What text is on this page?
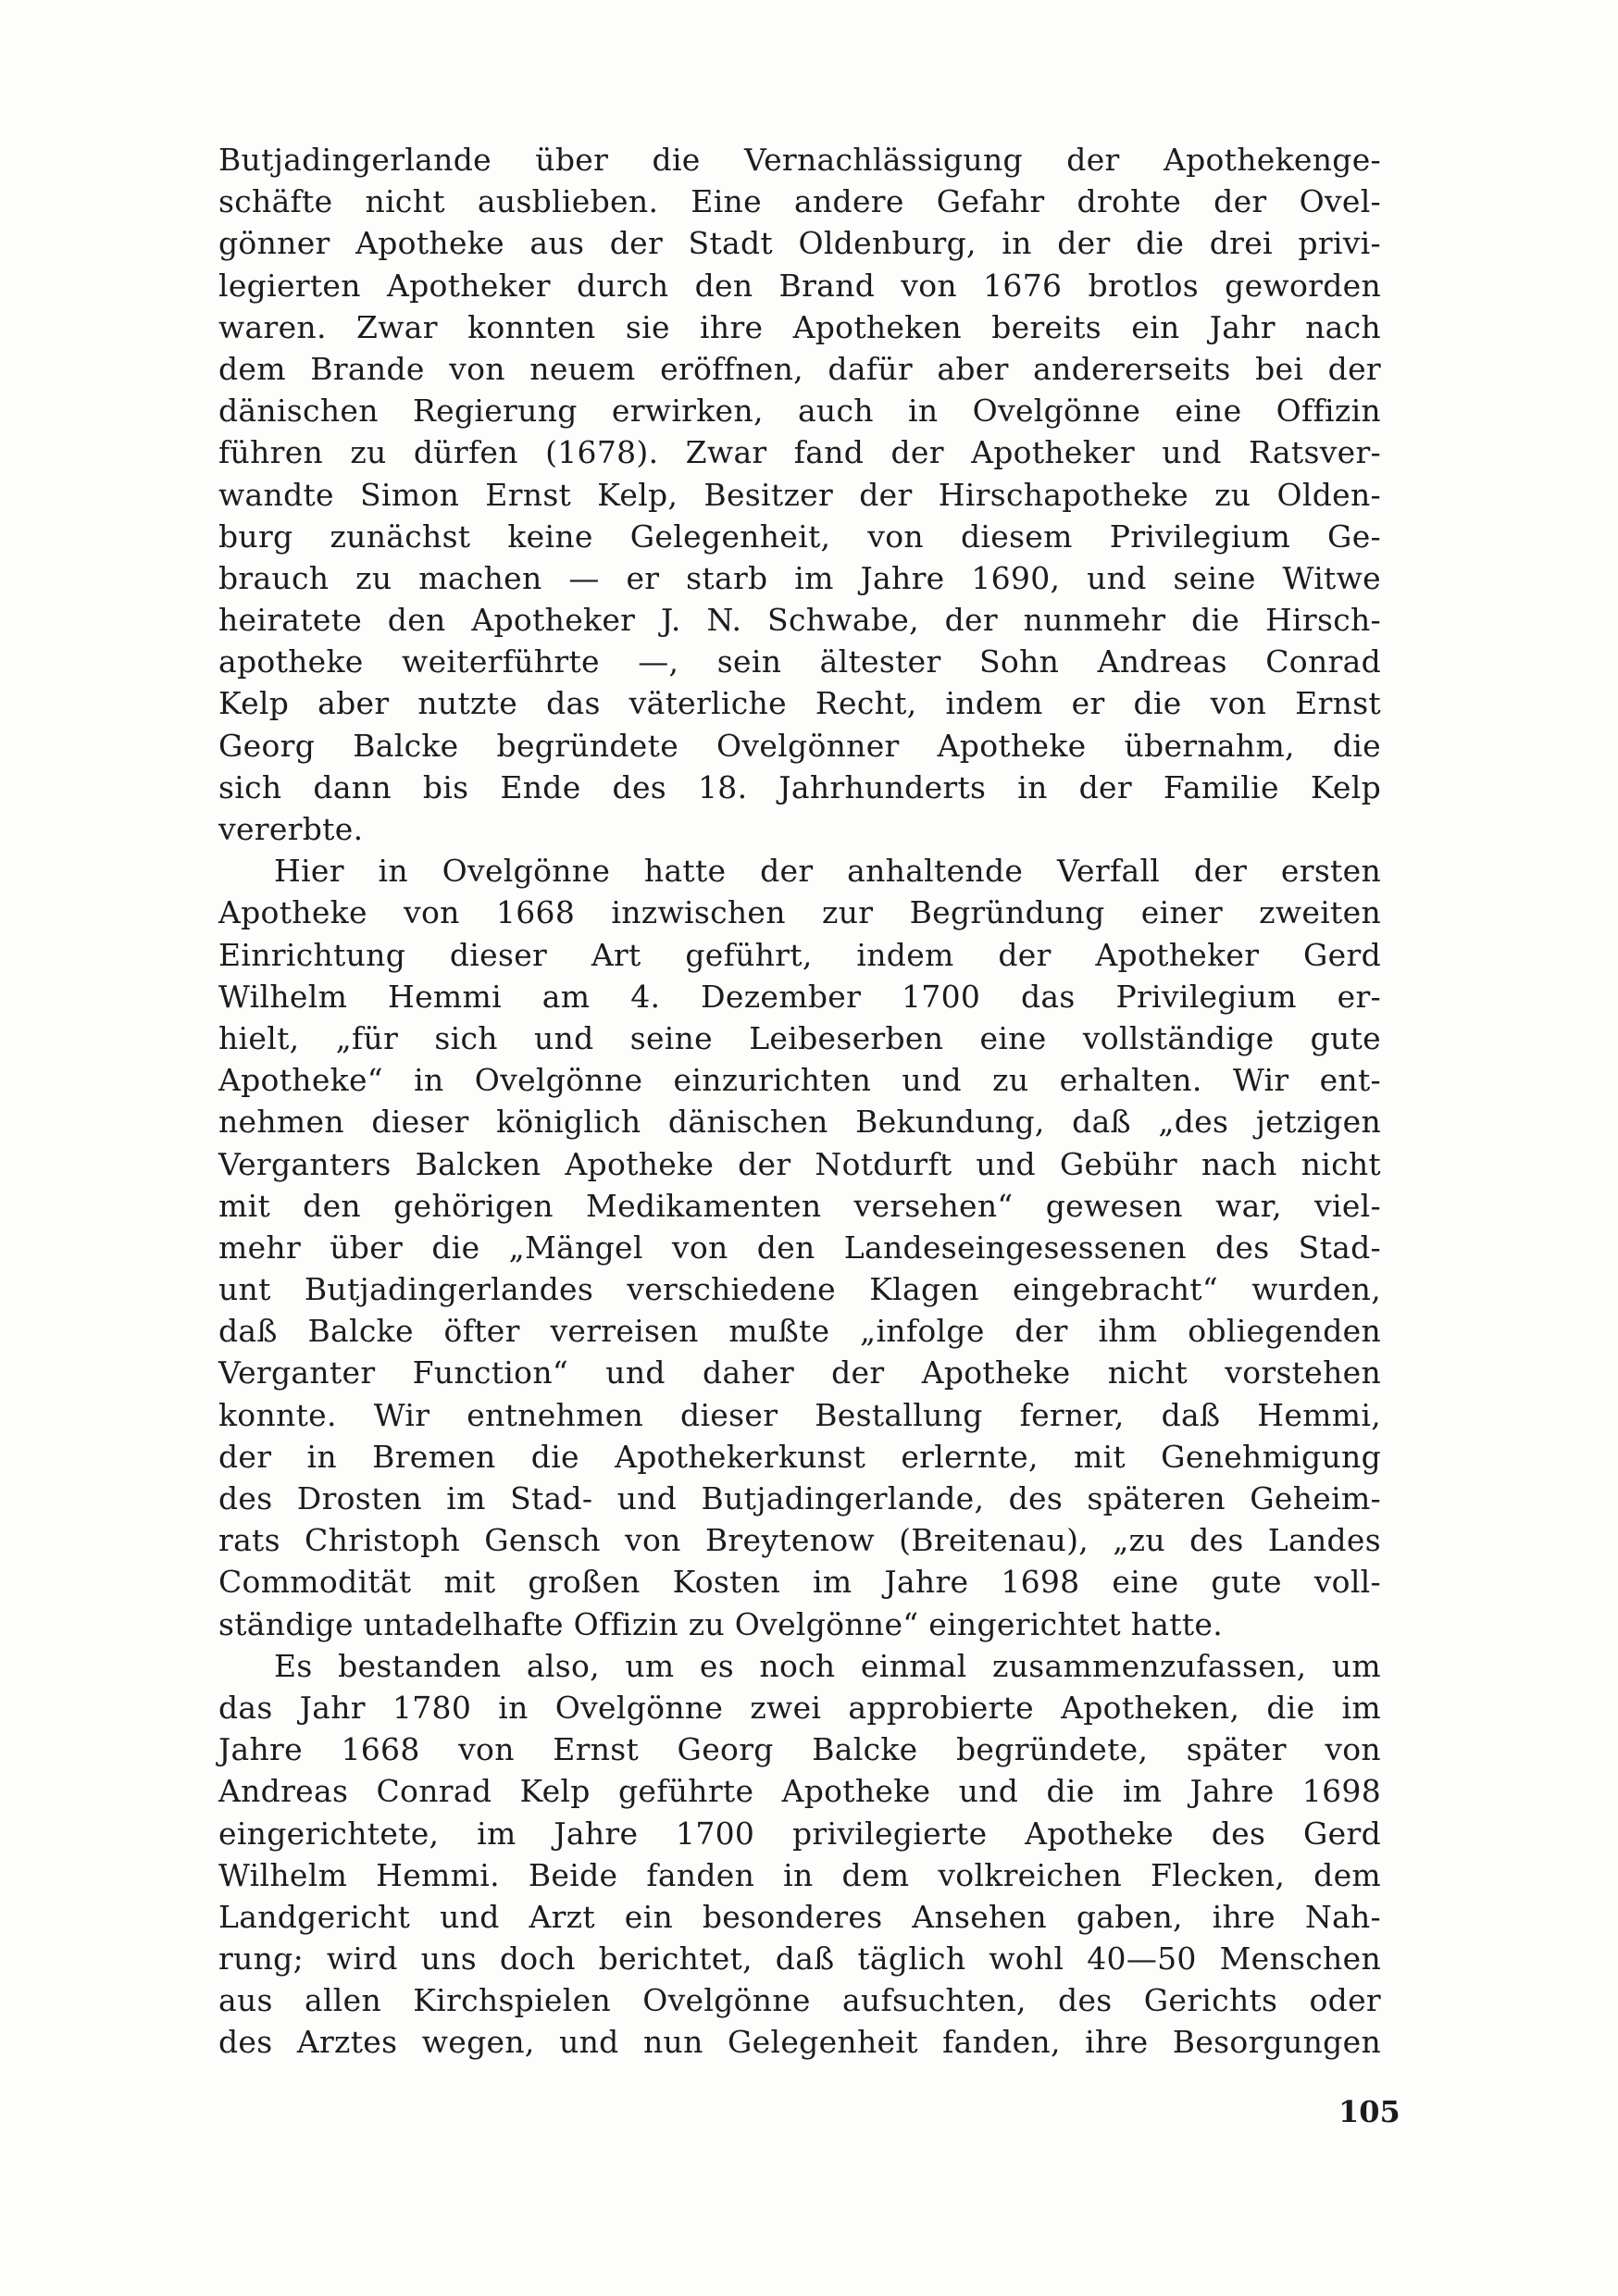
Butjadingerlande über die Vernachlässigung der Apothekenge-
schäfte nicht ausblieben. Eine andere Gefahr drohte der Ovel-
gönner Apotheke aus der Stadt Oldenburg, in der die drei privi-
legierten Apotheker durch den Brand von 1676 brotlos geworden
waren. Zwar konnten sie ihre Apotheken bereits ein Jahr nach
dem Brande von neuem eröffnen, dafür aber andererseits bei der
dänischen Regierung erwirken, auch in Ovelgönne eine Offizin
führen zu dürfen (1678). Zwar fand der Apotheker und Ratsver-
wandte Simon Ernst Kelp, Besitzer der Hirschapotheke zu Olden-
burg zunächst keine Gelegenheit, von diesem Privilegium Ge-
brauch zu machen — er starb im Jahre 1690, und seine Witwe
heiratete den Apotheker J. N. Schwabe, der nunmehr die Hirsch-
apotheke weiterführte —, sein ältester Sohn Andreas Conrad
Kelp aber nutzte das väterliche Recht, indem er die von Ernst
Georg Balcke begründete Ovelgönner Apotheke übernahm, die
sich dann bis Ende des 18. Jahrhunderts in der Familie Kelp
vererbte.
Hier in Ovelgönne hatte der anhaltende Verfall der ersten
Apotheke von 1668 inzwischen zur Begründung einer zweiten
Einrichtung dieser Art geführt, indem der Apotheker Gerd
Wilhelm Hemmi am 4. Dezember 1700 das Privilegium er-
hielt, „für sich und seine Leibeserben eine vollständige gute
Apotheke“ in Ovelgönne einzurichten und zu erhalten. Wir ent-
nehmen dieser königlich dänischen Bekundung, daß „des jetzigen
Verganters Balcken Apotheke der Notdurft und Gebühr nach nicht
mit den gehörigen Medikamenten versehen“ gewesen war, viel-
mehr über die „Mängel von den Landeseingesessenen des Stad-
unt Butjadingerlandes verschiedene Klagen eingebracht“ wurden,
daß Balcke öfter verreisen mußte „infolge der ihm obliegenden
Verganter Function“ und daher der Apotheke nicht vorstehen
konnte. Wir entnehmen dieser Bestallung ferner, daß Hemmi,
der in Bremen die Apothekerkunst erlernte, mit Genehmigung
des Drosten im Stad- und Butjadingerlande, des späteren Geheim-
rats Christoph Gensch von Breytenow (Breitenau), „zu des Landes
Commodität mit großen Kosten im Jahre 1698 eine gute voll-
ständige untadelhafte Offizin zu Ovelgönne“ eingerichtet hatte.
Es bestanden also, um es noch einmal zusammenzufassen, um
das Jahr 1780 in Ovelgönne zwei approbierte Apotheken, die im
Jahre 1668 von Ernst Georg Balcke begründete, später von
Andreas Conrad Kelp geführte Apotheke und die im Jahre 1698
eingerichtete, im Jahre 1700 privilegierte Apotheke des Gerd
Wilhelm Hemmi. Beide fanden in dem volkreichen Flecken, dem
Landgericht und Arzt ein besonderes Ansehen gaben, ihre Nah-
rung; wird uns doch berichtet, daß täglich wohl 40—50 Menschen
aus allen Kirchspielen Ovelgönne aufsuchten, des Gerichts oder
des Arztes wegen, und nun Gelegenheit fanden, ihre Besorgungen
105
